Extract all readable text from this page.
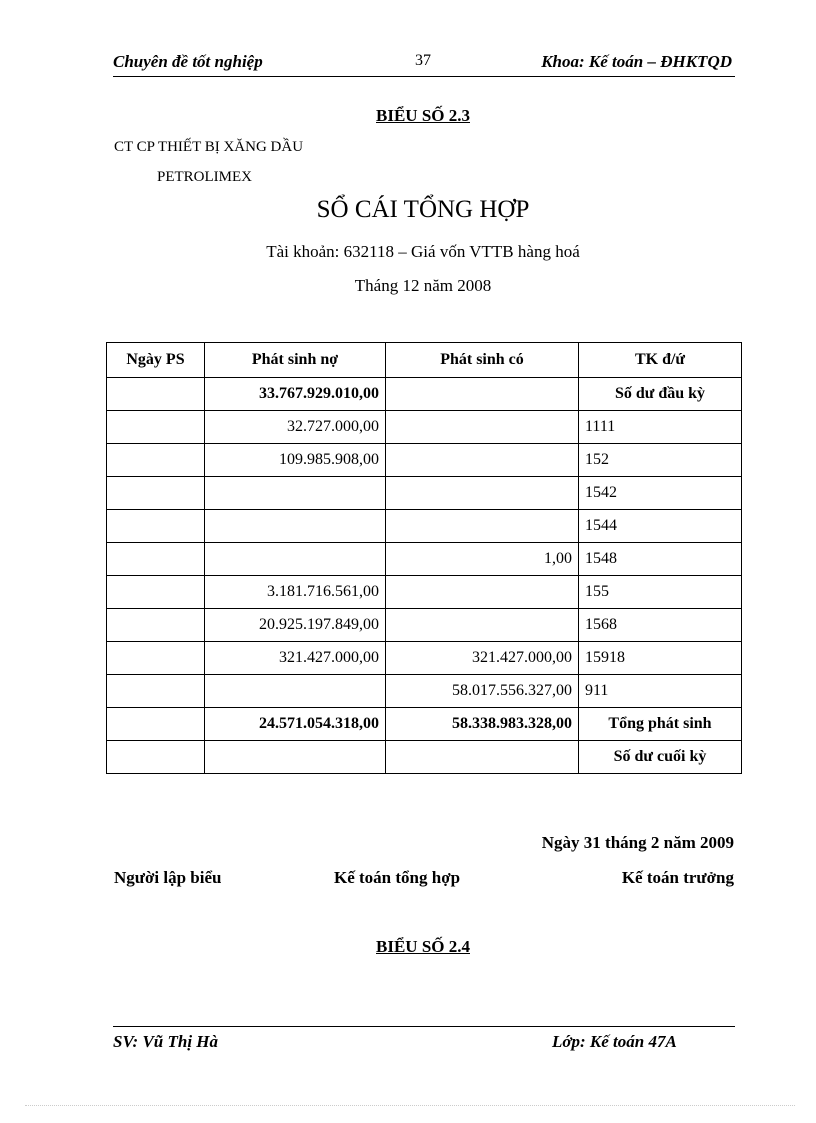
Chuyên đề tốt nghiệp	37	Khoa: Kế toán – ĐHKTQD
BIỂU SỐ 2.3
CT CP THIẾT BỊ XĂNG DẦU
PETROLIMEX
SỔ CÁI TỔNG HỢP
Tài khoản: 632118 – Giá vốn VTTB hàng hoá
Tháng 12 năm 2008
Ngày PS	Phát sinh nợ	Phát sinh có	TK đ/ứ
	33.767.929.010,00		Số dư đầu kỳ
	32.727.000,00		1111
	109.985.908,00		152
			1542
			1544
		1,00	1548
	3.181.716.561,00		155
	20.925.197.849,00		1568
	321.427.000,00	321.427.000,00	15918
		58.017.556.327,00	911
	24.571.054.318,00	58.338.983.328,00	Tổng phát sinh
			Số dư cuối kỳ
Ngày 31 tháng 2 năm 2009
Người lập biểu	Kế toán tổng hợp	Kế toán trưởng
BIỂU SỐ 2.4
SV: Vũ Thị Hà	Lớp: Kế toán 47A
